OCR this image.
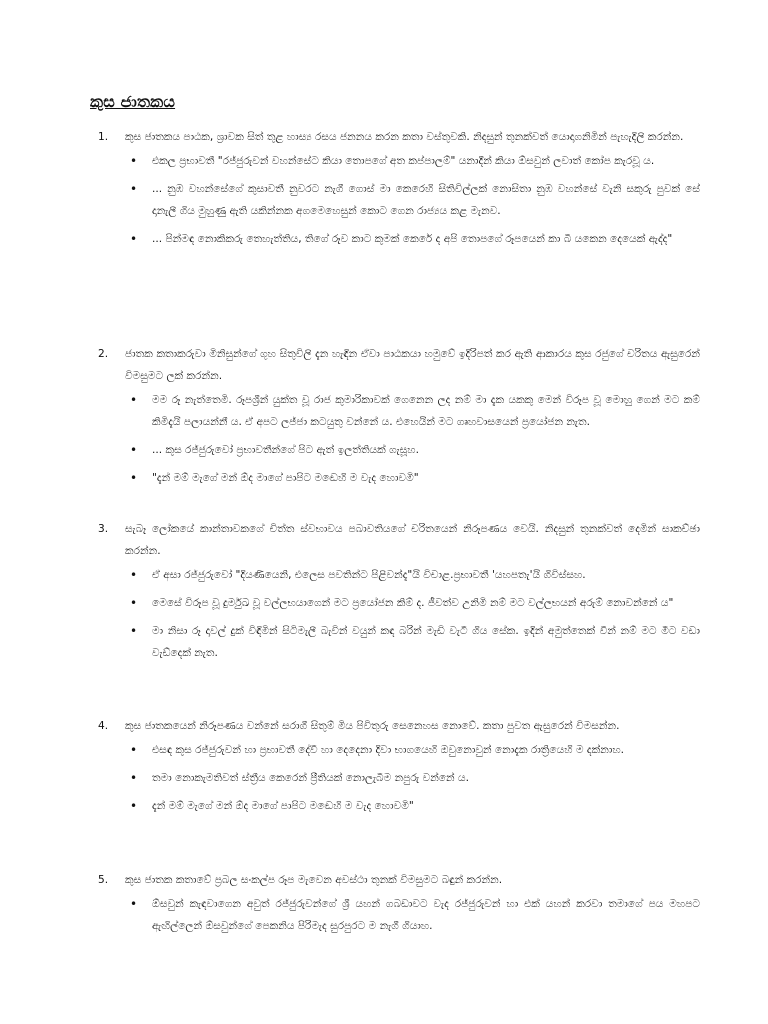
කුස ජාතකය

1. කුස ජාතකය පාඨක, ශ්‍රාවක සිත් තුළ හාස්‍ය රසය ජනනය කරන කතා වස්තුවකි. නිදසුන් තුනක්වත් යොදාගනිමින් පැහැදිලි කරන්න.

• එකල ප්‍රභාවතී "රජ්ජුරුවන් වහන්සේට කියා තොපගේ අත කප්පාලම්" යනාදීන් කියා ඕසවුන් ලවාත් කෝප කැරවූ ය.
• ... නුඹ වහන්සේගේ කුසාවතී නුවරට නැගී ගොස් මා කෙරෙහි සිතිවිල්ලක් නොසිතා නුඹ වහන්සේ වැනි සකුරු පුවක් සේ දානැලී ගිය මුහුණු ඇති යකින්නක අගමෙහෙසුන් කොට ගෙන රාජ්‍යය කළ මැනව.
• ... පින්මඳ නොකිකරු තෙහැත්තිය, තිගේ රූව කාට කුමක් කෙරේ ද අපි තොපගේ රූපයෙන් කා බී යකෙන දෙයෙක් ඇද්ද"

2. ජාතක කතාකරුවා මිනිසුන්ගේ ගුහ සිතුවිලි දැන හැඳින ඒවා පාඨකයා හමුවේ ඉදිරිපත් කර ඇති ආකාරය කුස රජුගේ චරිතය ඇසුරෙන් විමසුමට ලක් කරන්න.

• මම රූ නැත්තෙමි. රූපශ්‍රීන් යුක්ත වූ රාජ කුමාරිකාවක් ගෙනෙන ලද නම් මා දැක යකකු මෙන් විරූප වූ මොහු ගෙන් මට කම් කිමිදැයි පලායන්නී ය. ඒ අපට ලජ්ජා කටයුතු වන්නේ ය. එහෙයින් මට ගෘහවාසයෙන් ප්‍රයෝජන නැත.
• ... කුස රජ්ජුරුවෝ ප්‍රභාවතීන්ගේ පිට ඇත් ඉලත්තියක් ගැසූහ.
• "දැන් මම් මැගේ මන් ඕද මාගේ පාපිට මඬෙහි ම වැද හොවමි"

3. සැබෑ ලෝකයේ කාන්තාවකගේ චිත්ත ස්වභාවය පබාවතියගේ චරිතයෙන් නිරූපණය වෙයි. නිදසුන් තුනක්වත් දෙමින් සාකච්ඡා කරන්න.

• ඒ අසා රජ්ජුරුවෝ "දියණියෙනි, එලෙස පවතින්ට පිළිවන්දැ"යි විචාළ.ප්‍රභාවතී 'යහපතැ'යි ගිවිස්සහ.
• මෙසේ විරූප වූ දුර්මුඛ වූ වල්ලභයාගෙන් මට ප්‍රයෝජන කිම් ද. ජීවත්ව උනිමි නම් මට වල්ලභයන් අරුම් නොවන්නේ ය"
• මා නිසා රූ දාවල් දුක් විඳිමින් සිටිමැලී බැවින් වයුන් කඳ බරින් මැඩි වැටී ගිය සේක. ඉදින් අමුත්තෙක් වීන් නම් මට මීට වඩා වැඩ්දෙක් නැත.

4. කුස ජාතකයෙන් නිරූපණය වන්නේ සරාගී සිතුම් මිය පිවිතුරු සෙනෙහස නොවේ. කතා පුවත ඇසුරෙන් විමසන්න.

• එසඳ කුස රජ්ජුරුවන් හා ප්‍රභාවතී දේවී හා දෙදෙනා දිවා භාගයෙහි ඔවුනොවුන් නොදැක රාත්‍රියෙහි ම දක්නාහ.
• තමා නොකැමතිවත් ස්ත්‍රීය කෙරෙන් ප්‍රීතියක් නොලැබීම නපුරු වන්නේ ය.
• දැන් මම් මැගේ මන් ඕද මාගේ පාපිට මඬෙහි ම වැද හොවමි"

5. කුස ජාතක කතාවේ ප්‍රබල සංකල්ප රූප මැවෙන අවස්ථා තුනක් විමසුමට බඳුන් කරන්න.

• ඕසවුන් කැඳවාගෙන අවුත් රජ්ජුරුවන්ගේ ශ්‍රී යහන් ගබඩාවට වැද රජ්ජුරුවන් හා එක් යහන් කරවා තමාගේ පය මහපට ඇඟිල්ලෙන් ඕසවුන්ගේ පෙකනිය පිරිමැද සුරපුරට ම නැගී ගියාහ.
